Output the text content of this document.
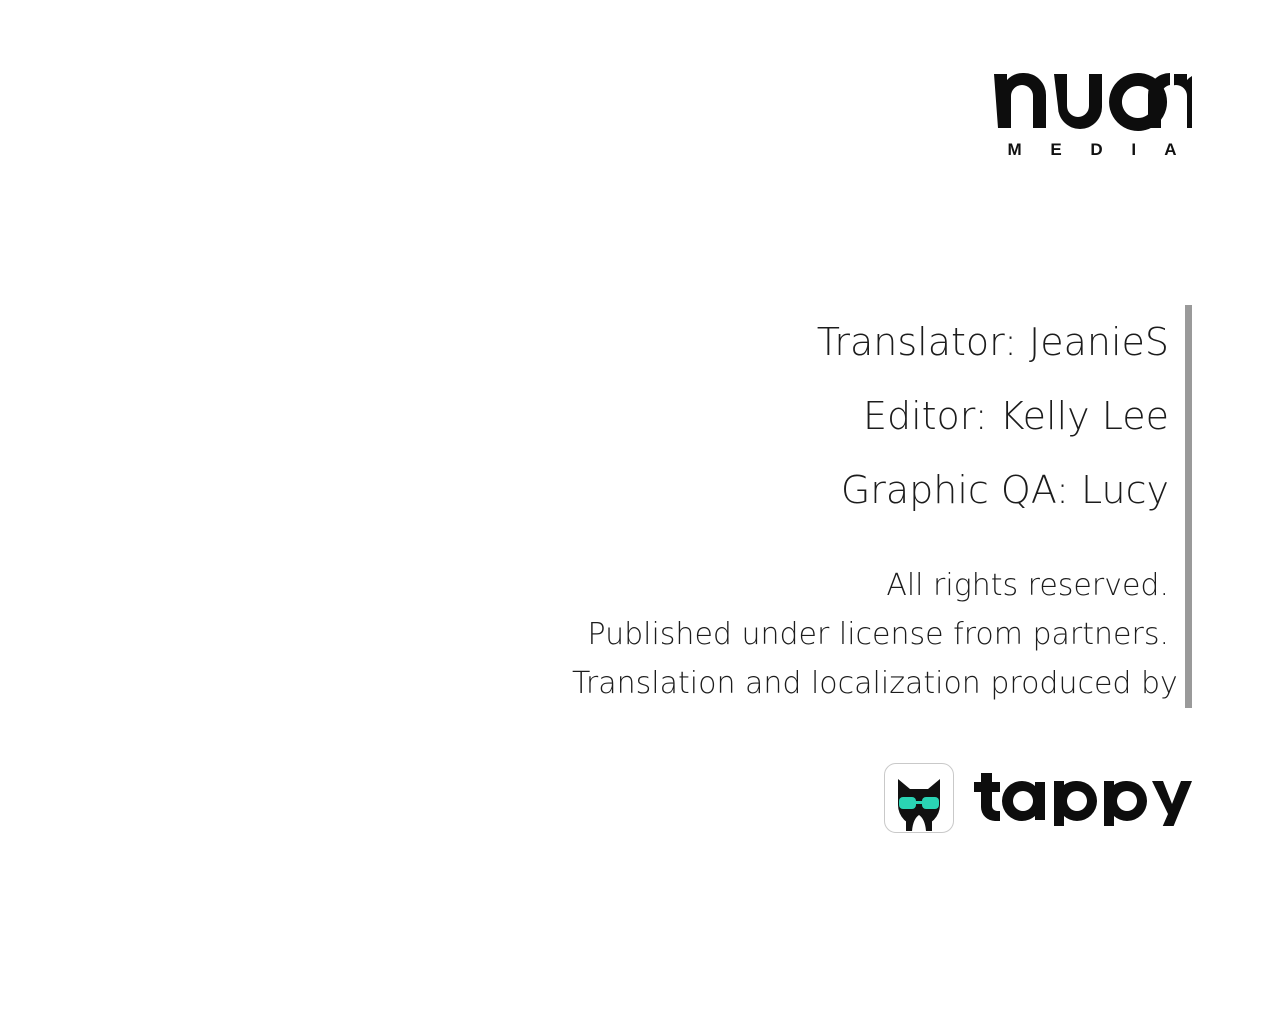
M E D I A
Translator: JeanieS
Editor: Kelly Lee
Graphic QA: Lucy
All rights reserved.
Published under license from partners.
Translation and localization produced by
